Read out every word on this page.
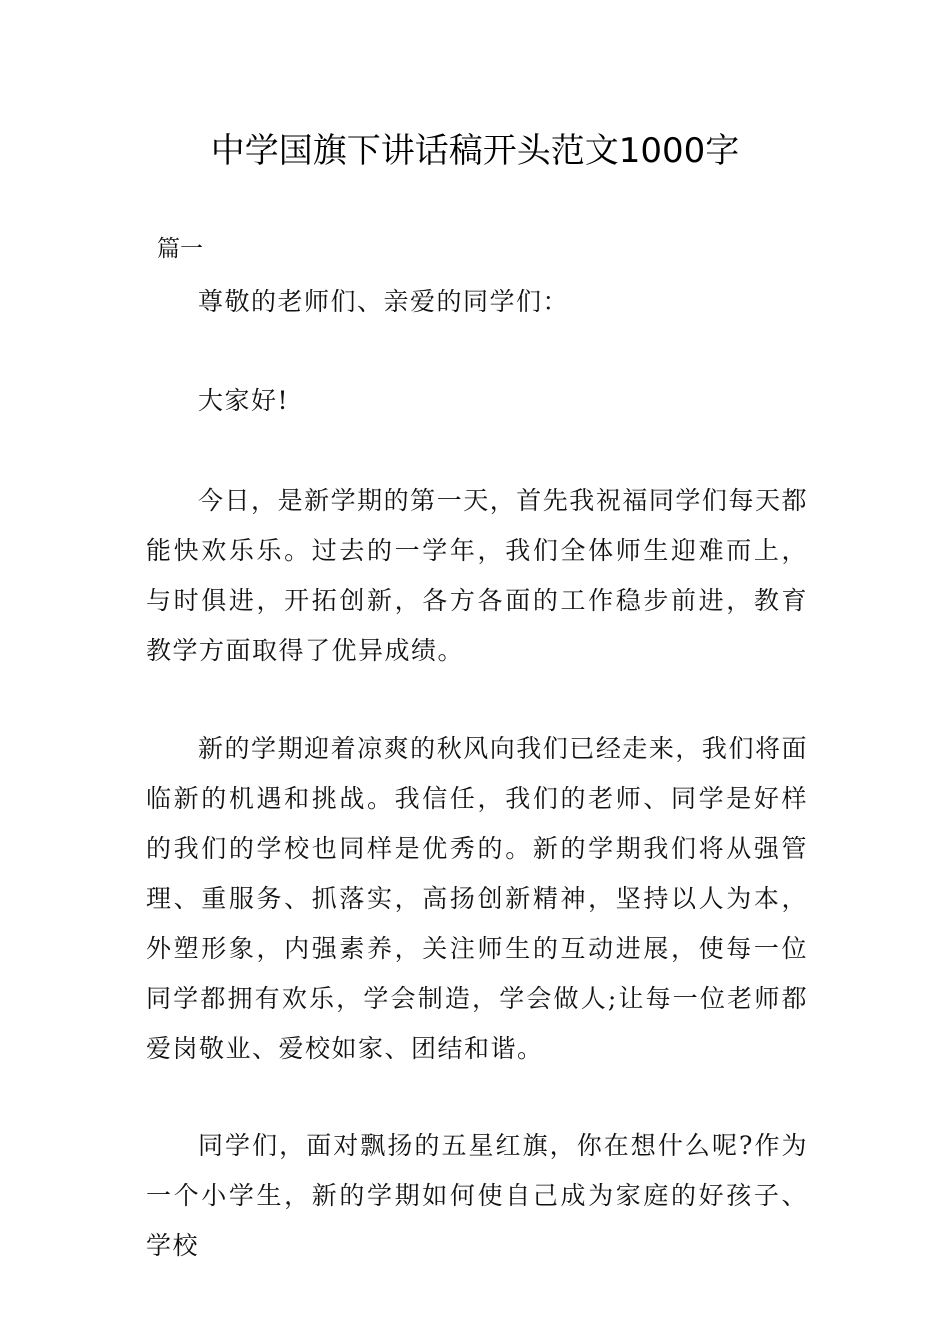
中学国旗下讲话稿开头范文1000字
篇一

尊敬的老师们、亲爱的同学们：

大家好!

今日，是新学期的第一天，首先我祝福同学们每天都能快欢乐乐。过去的一学年，我们全体师生迎难而上，与时俱进，开拓创新，各方各面的工作稳步前进，教育教学方面取得了优异成绩。

新的学期迎着凉爽的秋风向我们已经走来，我们将面临新的机遇和挑战。我信任，我们的老师、同学是好样的我们的学校也同样是优秀的。新的学期我们将从强管理、重服务、抓落实，高扬创新精神，坚持以人为本，外塑形象，内强素养，关注师生的互动进展，使每一位同学都拥有欢乐，学会制造，学会做人;让每一位老师都爱岗敬业、爱校如家、团结和谐。

同学们，面对飘扬的五星红旗，你在想什么呢?作为一个小学生，新的学期如何使自己成为家庭的好孩子、学校
